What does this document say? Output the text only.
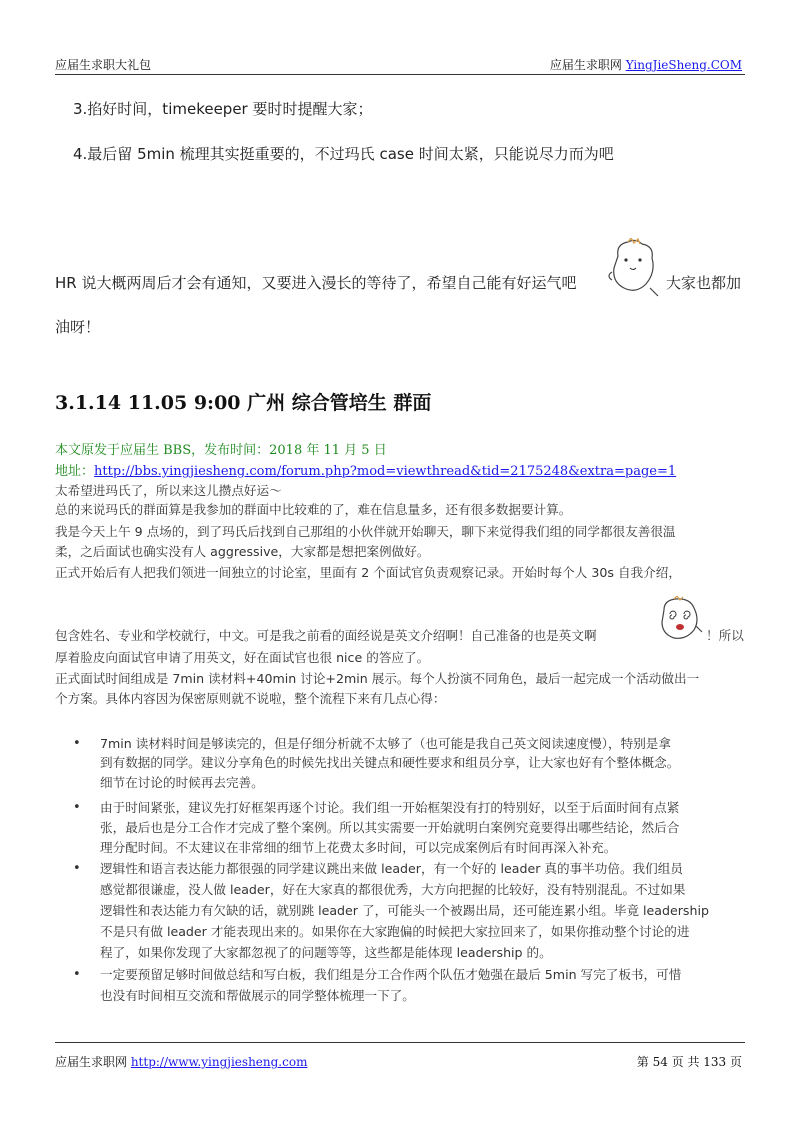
应届生求职大礼包	应届生求职网 YingJieSheng.COM
3.掐好时间，timekeeper 要时时提醒大家；
4.最后留 5min 梳理其实挺重要的，不过玛氏 case 时间太紧，只能说尽力而为吧
HR 说大概两周后才会有通知，又要进入漫长的等待了，希望自己能有好运气吧	大家也都加
油呀！
3.1.14 11.05 9:00 广州 综合管培生 群面
本文原发于应届生 BBS，发布时间：2018 年 11 月 5 日
地址：http://bbs.yingjiesheng.com/forum.php?mod=viewthread&tid=2175248&extra=page=1
太希望进玛氏了，所以来这儿攒点好运～
总的来说玛氏的群面算是我参加的群面中比较难的了，难在信息量多，还有很多数据要计算。
我是今天上午 9 点场的，到了玛氏后找到自己那组的小伙伴就开始聊天，聊下来觉得我们组的同学都很友善很温
柔，之后面试也确实没有人 aggressive，大家都是想把案例做好。
正式开始后有人把我们领进一间独立的讨论室，里面有 2 个面试官负责观察记录。开始时每个人 30s 自我介绍，
包含姓名、专业和学校就行，中文。可是我之前看的面经说是英文介绍啊！自己准备的也是英文啊	！所以
厚着脸皮向面试官申请了用英文，好在面试官也很 nice 的答应了。
正式面试时间组成是 7min 读材料+40min 讨论+2min 展示。每个人扮演不同角色，最后一起完成一个活动做出一
个方案。具体内容因为保密原则就不说啦，整个流程下来有几点心得：
• 7min 读材料时间是够读完的，但是仔细分析就不太够了（也可能是我自己英文阅读速度慢），特别是拿
到有数据的同学。建议分享角色的时候先找出关键点和硬性要求和组员分享，让大家也好有个整体概念。
细节在讨论的时候再去完善。
• 由于时间紧张，建议先打好框架再逐个讨论。我们组一开始框架没有打的特别好，以至于后面时间有点紧
张，最后也是分工合作才完成了整个案例。所以其实需要一开始就明白案例究竟要得出哪些结论，然后合
理分配时间。不太建议在非常细的细节上花费太多时间，可以完成案例后有时间再深入补充。
• 逻辑性和语言表达能力都很强的同学建议跳出来做 leader，有一个好的 leader 真的事半功倍。我们组员
感觉都很谦虚，没人做 leader，好在大家真的都很优秀，大方向把握的比较好，没有特别混乱。不过如果
逻辑性和表达能力有欠缺的话，就别跳 leader 了，可能头一个被踢出局，还可能连累小组。毕竟 leadership
不是只有做 leader 才能表现出来的。如果你在大家跑偏的时候把大家拉回来了，如果你推动整个讨论的进
程了，如果你发现了大家都忽视了的问题等等，这些都是能体现 leadership 的。
• 一定要预留足够时间做总结和写白板，我们组是分工合作两个队伍才勉强在最后 5min 写完了板书，可惜
也没有时间相互交流和帮做展示的同学整体梳理一下了。
应届生求职网 http://www.yingjiesheng.com	第 54 页 共 133 页
